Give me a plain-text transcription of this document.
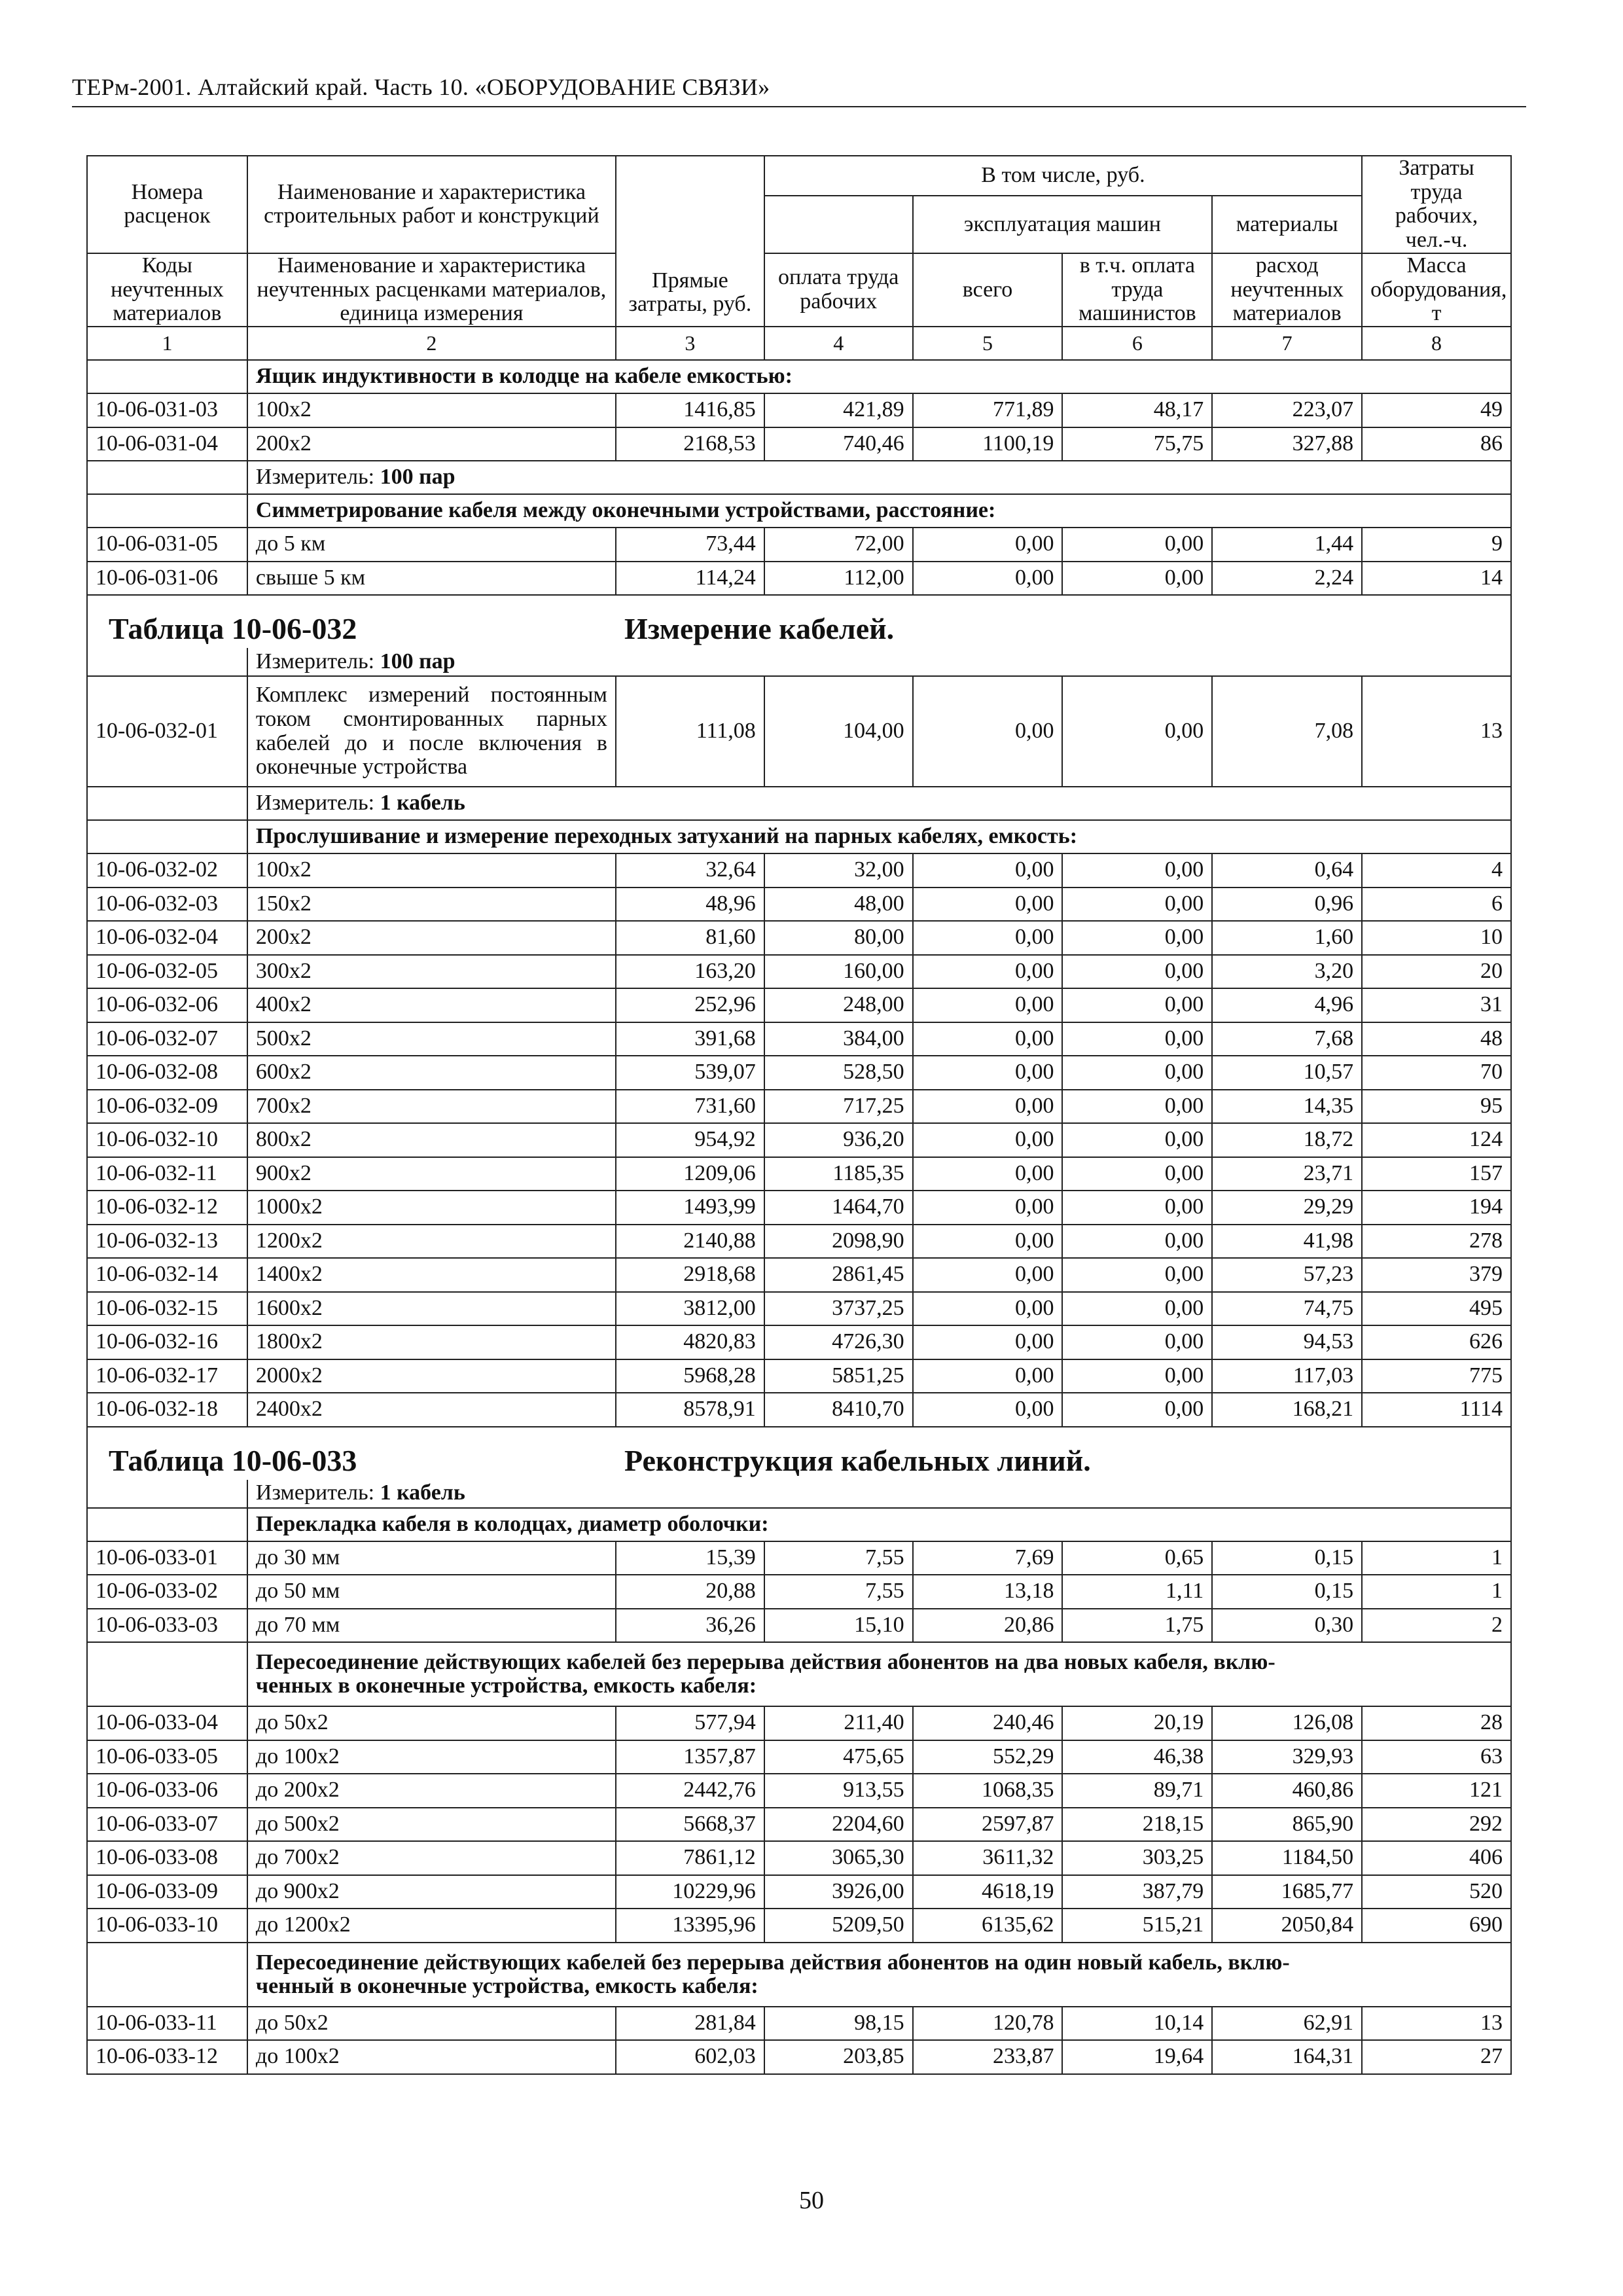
ТЕРм-2001. Алтайский край. Часть 10. «ОБОРУДОВАНИЕ СВЯЗИ»
Номера расценок	Наименование и характеристика строительных работ и конструкций	Прямые затраты, руб.	В том числе, руб.				Затраты труда рабочих, чел.-ч.
				эксплуатация машин		материалы	
Коды неучтенных материалов	Наименование и характеристика неучтенных расценками материалов, единица измерения		оплата труда рабочих	всего	в т.ч. оплата труда машинистов	расход неучтенных материалов	Масса оборудования, т
1	2	3	4	5	6	7	8
	Ящик индуктивности в колодце на кабеле емкостью:						
10-06-031-03	100x2	1416,85	421,89	771,89	48,17	223,07	49
10-06-031-04	200x2	2168,53	740,46	1100,19	75,75	327,88	86
	Измеритель: 100 пар						
	Симметрирование кабеля между оконечными устройствами, расстояние:						
10-06-031-05	до 5 км	73,44	72,00	0,00	0,00	1,44	9
10-06-031-06	свыше 5 км	114,24	112,00	0,00	0,00	2,24	14

Таблица 10-06-032 Измерение кабелей.							

	Измеритель: 100 пар						
10-06-032-01	Комплекс измерений постоянным током смонтированных парных кабелей до и после включения в оконечные устройства	111,08	104,00	0,00	0,00	7,08	13
	Измеритель: 1 кабель						
	Прослушивание и измерение переходных затуханий на парных кабелях, емкость:						
10-06-032-02	100x2	32,64	32,00	0,00	0,00	0,64	4
10-06-032-03	150x2	48,96	48,00	0,00	0,00	0,96	6
10-06-032-04	200x2	81,60	80,00	0,00	0,00	1,60	10
10-06-032-05	300x2	163,20	160,00	0,00	0,00	3,20	20
10-06-032-06	400x2	252,96	248,00	0,00	0,00	4,96	31
10-06-032-07	500x2	391,68	384,00	0,00	0,00	7,68	48
10-06-032-08	600x2	539,07	528,50	0,00	0,00	10,57	70
10-06-032-09	700x2	731,60	717,25	0,00	0,00	14,35	95
10-06-032-10	800x2	954,92	936,20	0,00	0,00	18,72	124
10-06-032-11	900x2	1209,06	1185,35	0,00	0,00	23,71	157
10-06-032-12	1000x2	1493,99	1464,70	0,00	0,00	29,29	194
10-06-032-13	1200x2	2140,88	2098,90	0,00	0,00	41,98	278
10-06-032-14	1400x2	2918,68	2861,45	0,00	0,00	57,23	379
10-06-032-15	1600x2	3812,00	3737,25	0,00	0,00	74,75	495
10-06-032-16	1800x2	4820,83	4726,30	0,00	0,00	94,53	626
10-06-032-17	2000x2	5968,28	5851,25	0,00	0,00	117,03	775
10-06-032-18	2400x2	8578,91	8410,70	0,00	0,00	168,21	1114

Таблица 10-06-033 Реконструкция кабельных линий.							

	Измеритель: 1 кабель						
	Перекладка кабеля в колодцах, диаметр оболочки:						
10-06-033-01	до 30 мм	15,39	7,55	7,69	0,65	0,15	1
10-06-033-02	до 50 мм	20,88	7,55	13,18	1,11	0,15	1
10-06-033-03	до 70 мм	36,26	15,10	20,86	1,75	0,30	2

	Пересоединение действующих кабелей без перерыва действия абонентов на два новых кабеля, вклю-
ченных в оконечные устройства, емкость кабеля:						

10-06-033-04	до 50x2	577,94	211,40	240,46	20,19	126,08	28
10-06-033-05	до 100x2	1357,87	475,65	552,29	46,38	329,93	63
10-06-033-06	до 200x2	2442,76	913,55	1068,35	89,71	460,86	121
10-06-033-07	до 500x2	5668,37	2204,60	2597,87	218,15	865,90	292
10-06-033-08	до 700x2	7861,12	3065,30	3611,32	303,25	1184,50	406
10-06-033-09	до 900x2	10229,96	3926,00	4618,19	387,79	1685,77	520
10-06-033-10	до 1200x2	13395,96	5209,50	6135,62	515,21	2050,84	690

	Пересоединение действующих кабелей без перерыва действия абонентов на один новый кабель, вклю-
ченный в оконечные устройства, емкость кабеля:						

10-06-033-11	до 50x2	281,84	98,15	120,78	10,14	62,91	13
10-06-033-12	до 100x2	602,03	203,85	233,87	19,64	164,31	27
50
